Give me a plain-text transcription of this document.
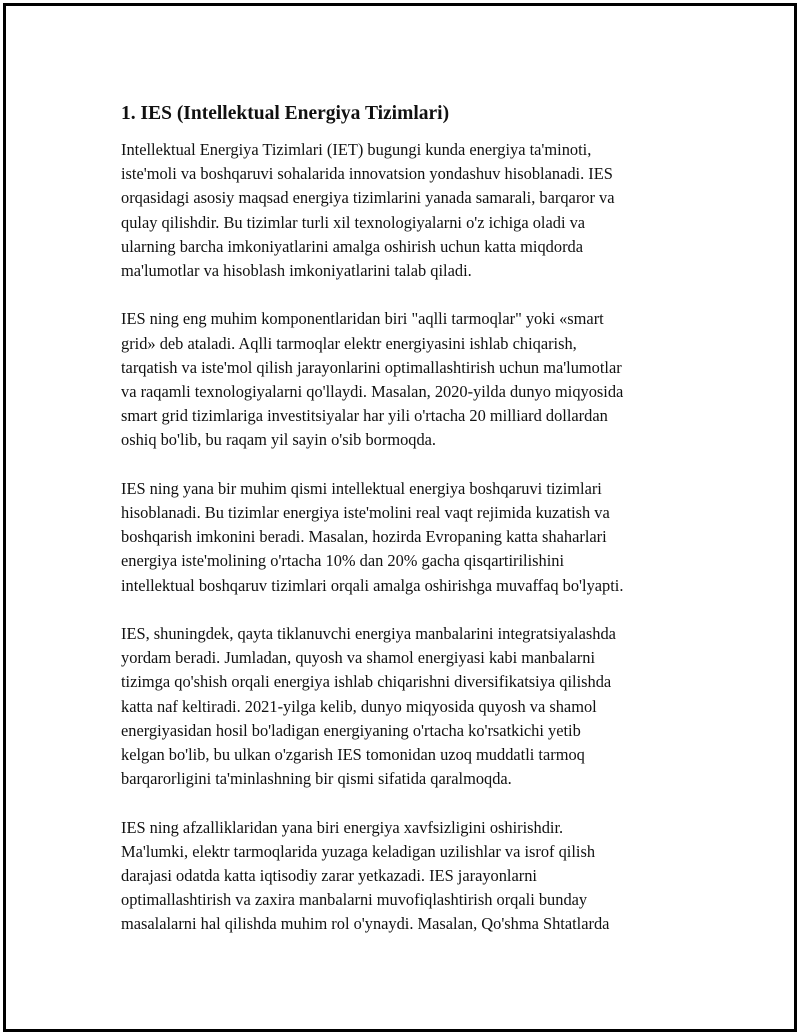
1. IES (Intellektual Energiya Tizimlari)

Intellektual Energiya Tizimlari (IET) bugungi kunda energiya ta'minoti,
iste'moli va boshqaruvi sohalarida innovatsion yondashuv hisoblanadi. IES
orqasidagi asosiy maqsad energiya tizimlarini yanada samarali, barqaror va
qulay qilishdir. Bu tizimlar turli xil texnologiyalarni o'z ichiga oladi va
ularning barcha imkoniyatlarini amalga oshirish uchun katta miqdorda
ma'lumotlar va hisoblash imkoniyatlarini talab qiladi.

IES ning eng muhim komponentlaridan biri "aqlli tarmoqlar" yoki «smart
grid» deb ataladi. Aqlli tarmoqlar elektr energiyasini ishlab chiqarish,
tarqatish va iste'mol qilish jarayonlarini optimallashtirish uchun ma'lumotlar
va raqamli texnologiyalarni qo'llaydi. Masalan, 2020-yilda dunyo miqyosida
smart grid tizimlariga investitsiyalar har yili o'rtacha 20 milliard dollardan
oshiq bo'lib, bu raqam yil sayin o'sib bormoqda.

IES ning yana bir muhim qismi intellektual energiya boshqaruvi tizimlari
hisoblanadi. Bu tizimlar energiya iste'molini real vaqt rejimida kuzatish va
boshqarish imkonini beradi. Masalan, hozirda Evropaning katta shaharlari
energiya iste'molining o'rtacha 10% dan 20% gacha qisqartirilishini
intellektual boshqaruv tizimlari orqali amalga oshirishga muvaffaq bo'lyapti.

IES, shuningdek, qayta tiklanuvchi energiya manbalarini integratsiyalashda
yordam beradi. Jumladan, quyosh va shamol energiyasi kabi manbalarni
tizimga qo'shish orqali energiya ishlab chiqarishni diversifikatsiya qilishda
katta naf keltiradi. 2021-yilga kelib, dunyo miqyosida quyosh va shamol
energiyasidan hosil bo'ladigan energiyaning o'rtacha ko'rsatkichi yetib
kelgan bo'lib, bu ulkan o'zgarish IES tomonidan uzoq muddatli tarmoq
barqarorligini ta'minlashning bir qismi sifatida qaralmoqda.

IES ning afzalliklaridan yana biri energiya xavfsizligini oshirishdir.
Ma'lumki, elektr tarmoqlarida yuzaga keladigan uzilishlar va isrof qilish
darajasi odatda katta iqtisodiy zarar yetkazadi. IES jarayonlarni
optimallashtirish va zaxira manbalarni muvofiqlashtirish orqali bunday
masalalarni hal qilishda muhim rol o'ynaydi. Masalan, Qo'shma Shtatlarda
